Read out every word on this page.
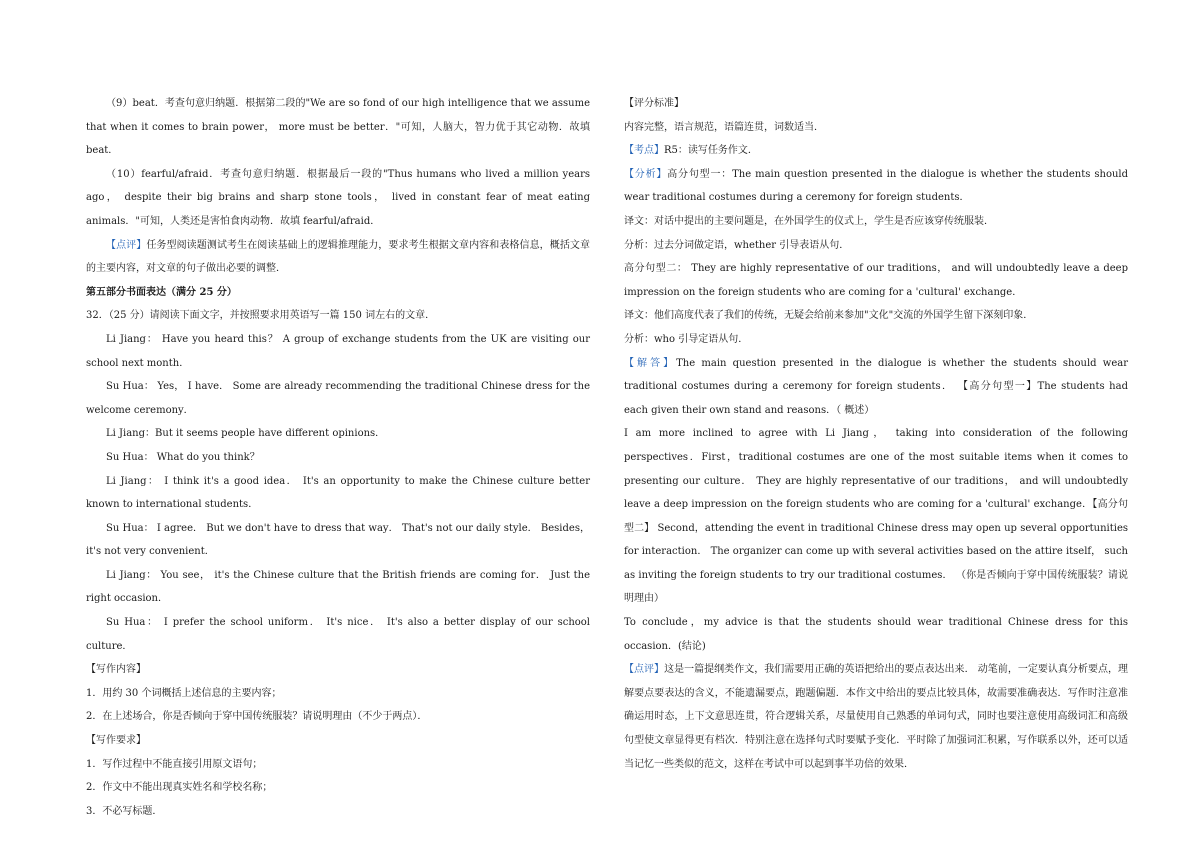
（9）beat．考查句意归纳题．根据第二段的"We are so fond of our high intelligence that we assume that when it comes to brain power， more must be better．"可知，人脑大，智力优于其它动物．故填 beat．

（10）fearful/afraid．考查句意归纳题．根据最后一段的"Thus humans who lived a million years ago， despite their big brains and sharp stone tools， lived in constant fear of meat eating animals．"可知，人类还是害怕食肉动物．故填 fearful/afraid．

【点评】任务型阅读题测试考生在阅读基础上的逻辑推理能力，要求考生根据文章内容和表格信息，概括文章的主要内容，对文章的句子做出必要的调整．

第五部分书面表达（满分 25 分）

32．（25 分）请阅读下面文字，并按照要求用英语写一篇 150 词左右的文章．

Li Jiang： Have you heard this？ A group of exchange students from the UK are visiting our school next month．

Su Hua： Yes， I have． Some are already recommending the traditional Chinese dress for the welcome ceremony．

Li Jiang：But it seems people have different opinions．

Su Hua： What do you think？

Li Jiang： I think it's a good idea． It's an opportunity to make the Chinese culture better known to international students．

Su Hua： I agree． But we don't have to dress that way． That's not our daily style． Besides， it's not very convenient．

Li Jiang： You see， it's the Chinese culture that the British friends are coming for． Just the right occasion．

Su Hua： I prefer the school uniform． It's nice． It's also a better display of our school culture．

【写作内容】

1．用约 30 个词概括上述信息的主要内容；

2．在上述场合，你是否倾向于穿中国传统服装？请说明理由（不少于两点）．

【写作要求】

1．写作过程中不能直接引用原文语句；

2．作文中不能出现真实姓名和学校名称；

3．不必写标题．

【评分标准】

内容完整，语言规范，语篇连贯，词数适当．

【考点】R5：读写任务作文．

【分析】高分句型一：The main question presented in the dialogue is whether the students should wear traditional costumes during a ceremony for foreign students．

译文：对话中提出的主要问题是，在外国学生的仪式上，学生是否应该穿传统服装．

分析：过去分词做定语，whether 引导表语从句．

高分句型二： They are highly representative of our traditions， and will undoubtedly leave a deep impression on the foreign students who are coming for a 'cultural' exchange．

译文：他们高度代表了我们的传统，无疑会给前来参加"文化"交流的外国学生留下深刻印象．

分析：who 引导定语从句．

【解答】The main question presented in the dialogue is whether the students should wear traditional costumes during a ceremony for foreign students． 【高分句型一】The students had each given their own stand and reasons．（ 概述）

I am more inclined to agree with Li Jiang， taking into consideration of the following perspectives．First，traditional costumes are one of the most suitable items when it comes to presenting our culture． They are highly representative of our traditions， and will undoubtedly leave a deep impression on the foreign students who are coming for a 'cultural' exchange．【高分句型二】 Second，attending the event in traditional Chinese dress may open up several opportunities for interaction． The organizer can come up with several activities based on the attire itself， such as inviting the foreign students to try our traditional costumes． （你是否倾向于穿中国传统服装？请说明理由）

To conclude，my advice is that the students should wear traditional Chinese dress for this occasion．(结论)

【点评】这是一篇提纲类作文，我们需要用正确的英语把给出的要点表达出来． 动笔前，一定要认真分析要点，理解要点要表达的含义，不能遗漏要点，跑题偏题．本作文中给出的要点比较具体，故需要准确表达．写作时注意准确运用时态，上下文意思连贯，符合逻辑关系，尽量使用自己熟悉的单词句式，同时也要注意使用高级词汇和高级句型使文章显得更有档次．特别注意在选择句式时要赋予变化．平时除了加强词汇积累，写作联系以外，还可以适当记忆一些类似的范文，这样在考试中可以起到事半功倍的效果．
